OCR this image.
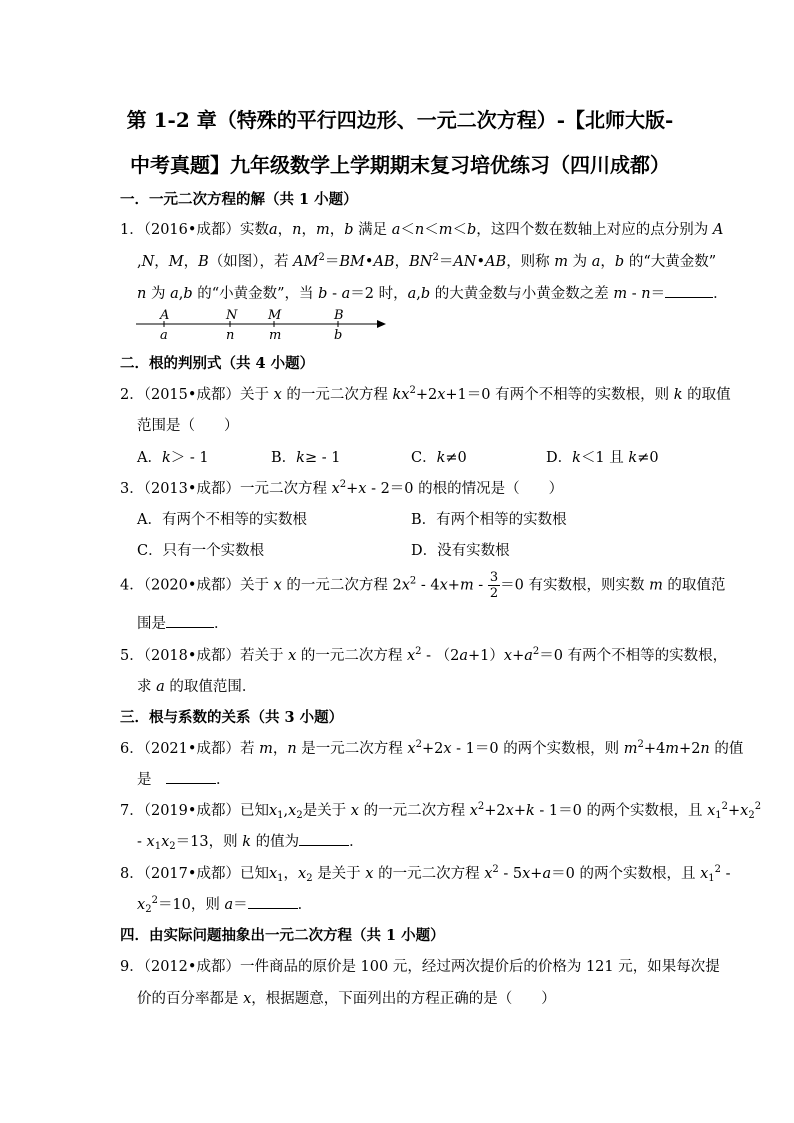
第 1-2 章（特殊的平行四边形、一元二次方程）-【北师大版-中考真题】九年级数学上学期期末复习培优练习（四川成都）
一．一元二次方程的解（共 1 小题）
1．（2016•成都）实数a，n，m，b 满足 a＜n＜m＜b，这四个数在数轴上对应的点分别为 A
,N，M，B（如图），若 $AM^2=BM•AB$，$BN^2=AN•AB$，则称 m 为 a，b 的“大黄金数”
n 为 a,b 的“小黄金数”，当 b - a＝2 时，a,b 的大黄金数与小黄金数之差 m - n＝	．
A	N M	B
a	n	m	b
二．根的判别式（共 4 小题）
2．（2015•成都）关于 x 的一元二次方程 $kx^2+2x+1=0$ 有两个不相等的实数根，则 k 的取值
范围是（　　）
A．k＞ - 1	B．k≥ - 1	C．k≠0	D．k＜1 且 k≠0
3．（2013•成都）一元二次方程 $x^2+x - 2=0$ 的根的情况是（　　）
A．有两个不相等的实数根	B．有两个相等的实数根
C．只有一个实数根	D．没有实数根
4．（2020•成都）关于 x 的一元二次方程 $2x^2 - 4x+m - \frac{3}{2} =0$ 有实数根，则实数 m 的取值范
围是	．
5．（2018•成都）若关于 x 的一元二次方程 $x^2 - (2a+1)x+a^2=0$ 有两个不相等的实数根，
求 a 的取值范围．
三．根与系数的关系（共 3 小题）
6．（2021•成都）若 m，n 是一元二次方程 $x^2+2x - 1=0$ 的两个实数根，则 $m^2+4m+2n$ 的值
是　	．
7．（2019•成都）已知$x_1,x_2$是关于 x 的一元二次方程 $x^2+2x+k - 1=0$ 的两个实数根，且 $x_1^2+x_2^2$
- $x_1x_2=13$，则 k 的值为	．
8．（2017•成都）已知$x_1$，$x_2$ 是关于 x 的一元二次方程 $x^2 - 5x+a=0$ 的两个实数根，且 $x_1^2$ -
$x_2^2=10$，则 a＝	．
四．由实际问题抽象出一元二次方程（共 1 小题）
9．（2012•成都）一件商品的原价是 100 元，经过两次提价后的价格为 121 元，如果每次提
价的百分率都是 x，根据题意，下面列出的方程正确的是（　　）
